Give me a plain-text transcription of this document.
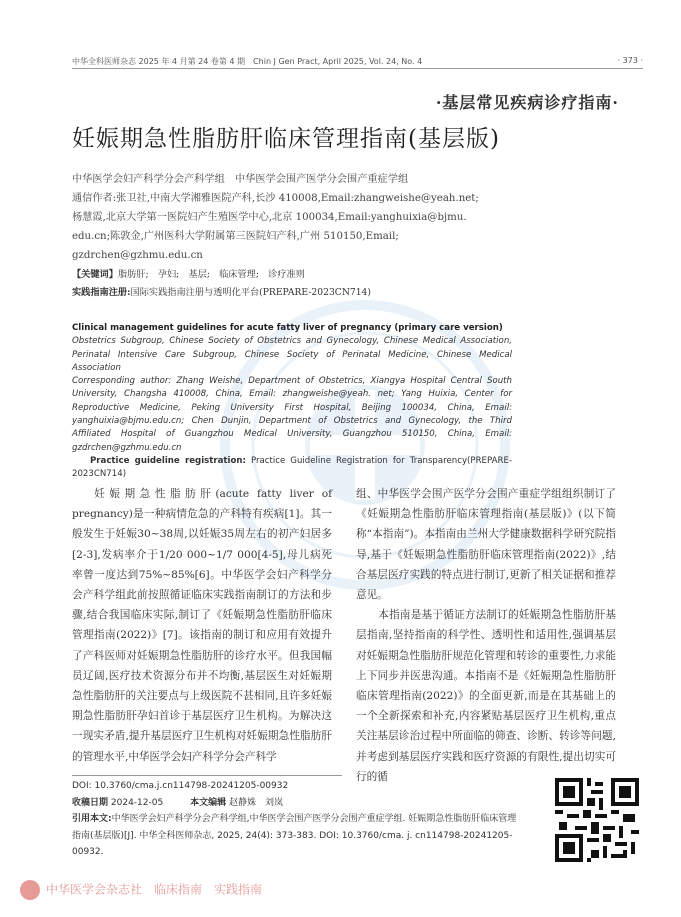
中华全科医师杂志 2025 年 4 月第 24 卷第 4 期　Chin J Gen Pract, April 2025, Vol. 24, No. 4	· 373 ·
·基层常见疾病诊疗指南·
妊娠期急性脂肪肝临床管理指南(基层版)
中华医学会妇产科学分会产科学组　中华医学会围产医学分会围产重症学组
通信作者:张卫社,中南大学湘雅医院产科,长沙 410008,Email:zhangweishe@yeah.net;
杨慧霞,北京大学第一医院妇产生殖医学中心,北京 100034,Email:yanghuixia@bjmu.
edu.cn;陈敦金,广州医科大学附属第三医院妇产科,广州 510150,Email;
gzdrchen@gzhmu.edu.cn
【关键词】脂肪肝;　孕妇;　基层;　临床管理;　诊疗准则
实践指南注册:国际实践指南注册与透明化平台(PREPARE-2023CN714)
Clinical management guidelines for acute fatty liver of pregnancy (primary care version)
Obstetrics Subgroup, Chinese Society of Obstetrics and Gynecology, Chinese Medical Association, Perinatal Intensive Care Subgroup, Chinese Society of Perinatal Medicine, Chinese Medical Association
Corresponding author: Zhang Weishe, Department of Obstetrics, Xiangya Hospital Central South University, Changsha 410008, China, Email: zhangweishe@yeah. net; Yang Huixia, Center for Reproductive Medicine, Peking University First Hospital, Beijing 100034, China, Email: yanghuixia@bjmu.edu.cn; Chen Dunjin, Department of Obstetrics and Gynecology, the Third Affiliated Hospital of Guangzhou Medical University, Guangzhou 510150, China, Email: gzdrchen@gzhmu.edu.cn
Practice guideline registration: Practice Guideline Registration for Transparency(PREPARE-2023CN714)

妊娠期急性脂肪肝(acute fatty liver of pregnancy)是一种病情危急的产科特有疾病[1]。其一般发生于妊娠30~38周,以妊娠35周左右的初产妇居多[2-3],发病率介于1/20 000~1/7 000[4-5],母儿病死率曾一度达到75%~85%[6]。中华医学会妇产科学分会产科学组此前按照循证临床实践指南制订的方法和步骤,结合我国临床实际,制订了《妊娠期急性脂肪肝临床管理指南(2022)》[7]。该指南的制订和应用有效提升了产科医师对妊娠期急性脂肪肝的诊疗水平。但我国幅员辽阔,医疗技术资源分布并不均衡,基层医生对妊娠期急性脂肪肝的关注要点与上级医院不甚相同,且许多妊娠期急性脂肪肝孕妇首诊于基层医疗卫生机构。为解决这一现实矛盾,提升基层医疗卫生机构对妊娠期急性脂肪肝的管理水平,中华医学会妇产科学分会产科学

组、中华医学会围产医学分会围产重症学组组织制订了《妊娠期急性脂肪肝临床管理指南(基层版)》(以下简称“本指南”)。本指南由兰州大学健康数据科学研究院指导,基于《妊娠期急性脂肪肝临床管理指南(2022)》,结合基层医疗实践的特点进行制订,更新了相关证据和推荐意见。

本指南是基于循证方法制订的妊娠期急性脂肪肝基层指南,坚持指南的科学性、透明性和适用性,强调基层对妊娠期急性脂肪肝规范化管理和转诊的重要性,力求能上下同步并医患沟通。本指南不是《妊娠期急性脂肪肝临床管理指南(2022)》的全面更新,而是在其基础上的一个全新探索和补充,内容紧贴基层医疗卫生机构,重点关注基层诊治过程中所面临的筛查、诊断、转诊等问题,并考虑到基层医疗实践和医疗资源的有限性,提出切实可行的循

DOI: 10.3760/cma.j.cn114798-20241205-00932
收稿日期 2024-12-05	本文编辑 赵静姝　刘岚
引用本文:中华医学会妇产科学分会产科学组,中华医学会围产医学分会围产重症学组. 妊娠期急性脂肪肝临床管理指南(基层版)[J]. 中华全科医师杂志, 2025, 24(4): 373-383. DOI: 10.3760/cma. j. cn114798-20241205-00932.
中华医学会杂志社　临床指南　实践指南
